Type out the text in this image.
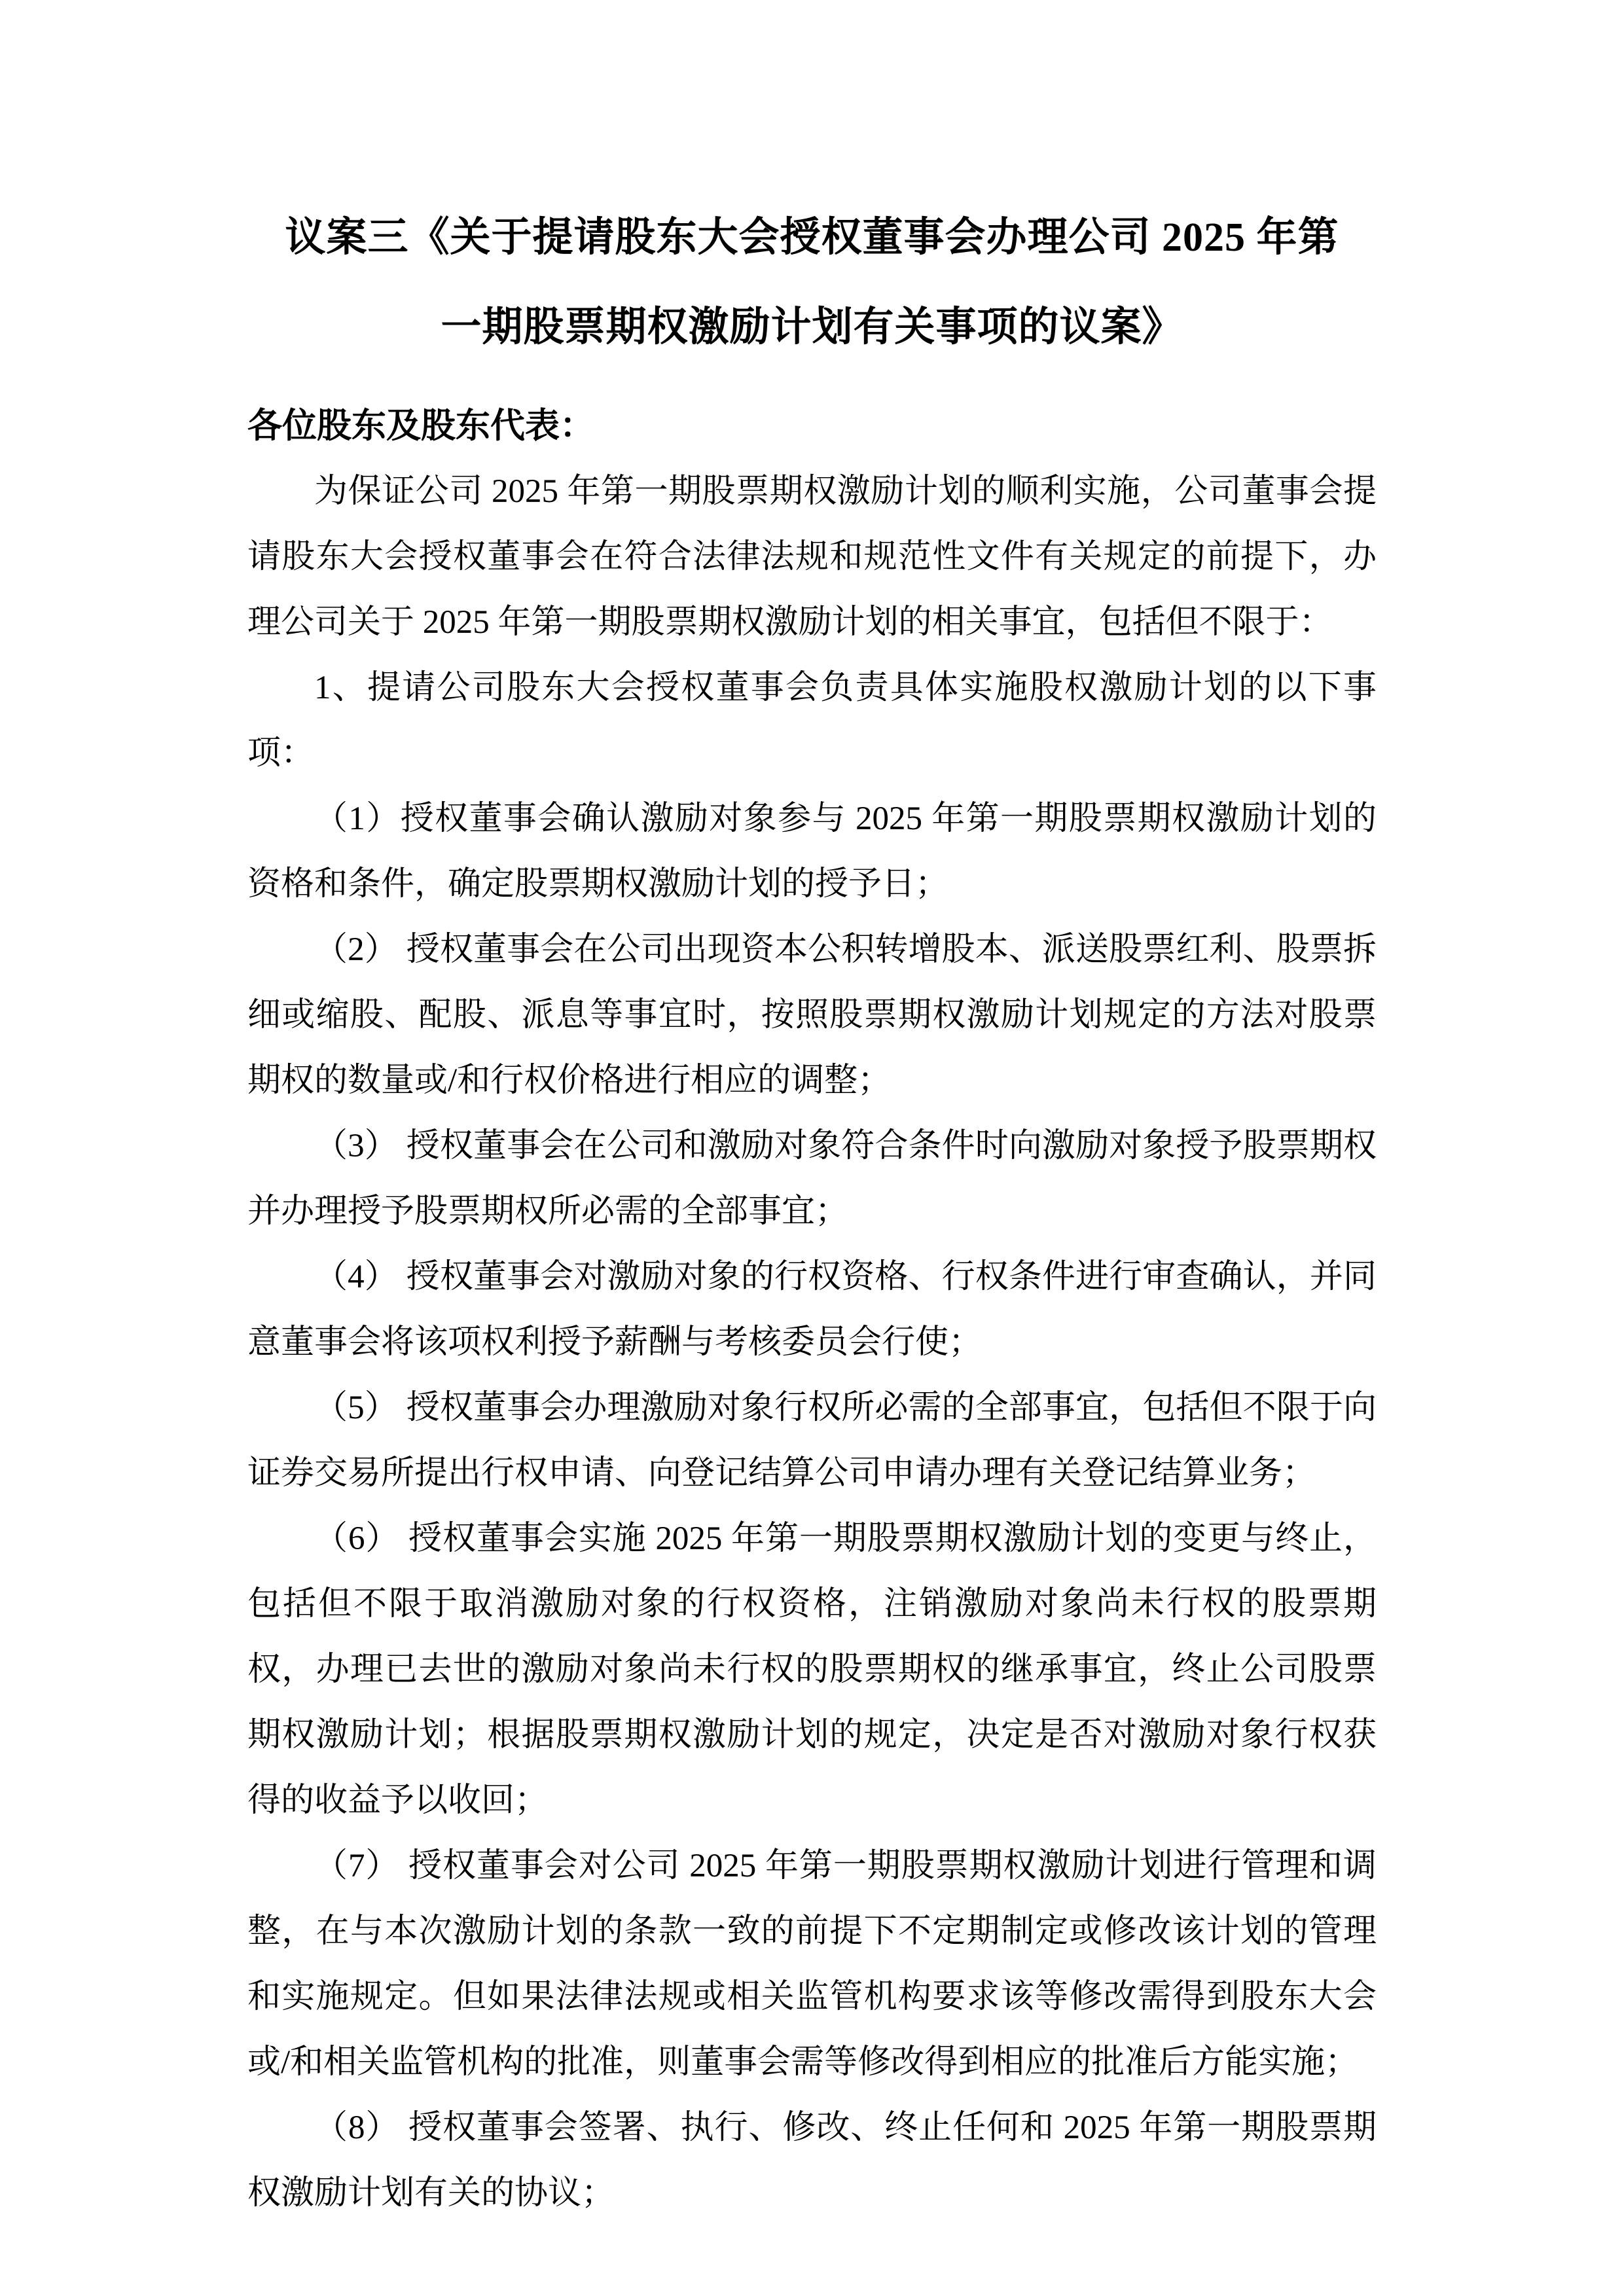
议案三《关于提请股东大会授权董事会办理公司 2025 年第
一期股票期权激励计划有关事项的议案》
各位股东及股东代表：

为保证公司 2025 年第一期股票期权激励计划的顺利实施，公司董事会提请股东大会授权董事会在符合法律法规和规范性文件有关规定的前提下，办理公司关于 2025 年第一期股票期权激励计划的相关事宜，包括但不限于：

1、提请公司股东大会授权董事会负责具体实施股权激励计划的以下事项：

（1）授权董事会确认激励对象参与 2025 年第一期股票期权激励计划的资格和条件，确定股票期权激励计划的授予日；

（2） 授权董事会在公司出现资本公积转增股本、派送股票红利、股票拆细或缩股、配股、派息等事宜时，按照股票期权激励计划规定的方法对股票期权的数量或/和行权价格进行相应的调整；

（3） 授权董事会在公司和激励对象符合条件时向激励对象授予股票期权并办理授予股票期权所必需的全部事宜；

（4） 授权董事会对激励对象的行权资格、行权条件进行审查确认，并同意董事会将该项权利授予薪酬与考核委员会行使；

（5） 授权董事会办理激励对象行权所必需的全部事宜，包括但不限于向证券交易所提出行权申请、向登记结算公司申请办理有关登记结算业务；

（6） 授权董事会实施 2025 年第一期股票期权激励计划的变更与终止，包括但不限于取消激励对象的行权资格，注销激励对象尚未行权的股票期权，办理已去世的激励对象尚未行权的股票期权的继承事宜，终止公司股票期权激励计划；根据股票期权激励计划的规定，决定是否对激励对象行权获得的收益予以收回；

（7） 授权董事会对公司 2025 年第一期股票期权激励计划进行管理和调整，在与本次激励计划的条款一致的前提下不定期制定或修改该计划的管理和实施规定。但如果法律法规或相关监管机构要求该等修改需得到股东大会或/和相关监管机构的批准，则董事会需等修改得到相应的批准后方能实施；

（8） 授权董事会签署、执行、修改、终止任何和 2025 年第一期股票期权激励计划有关的协议；
